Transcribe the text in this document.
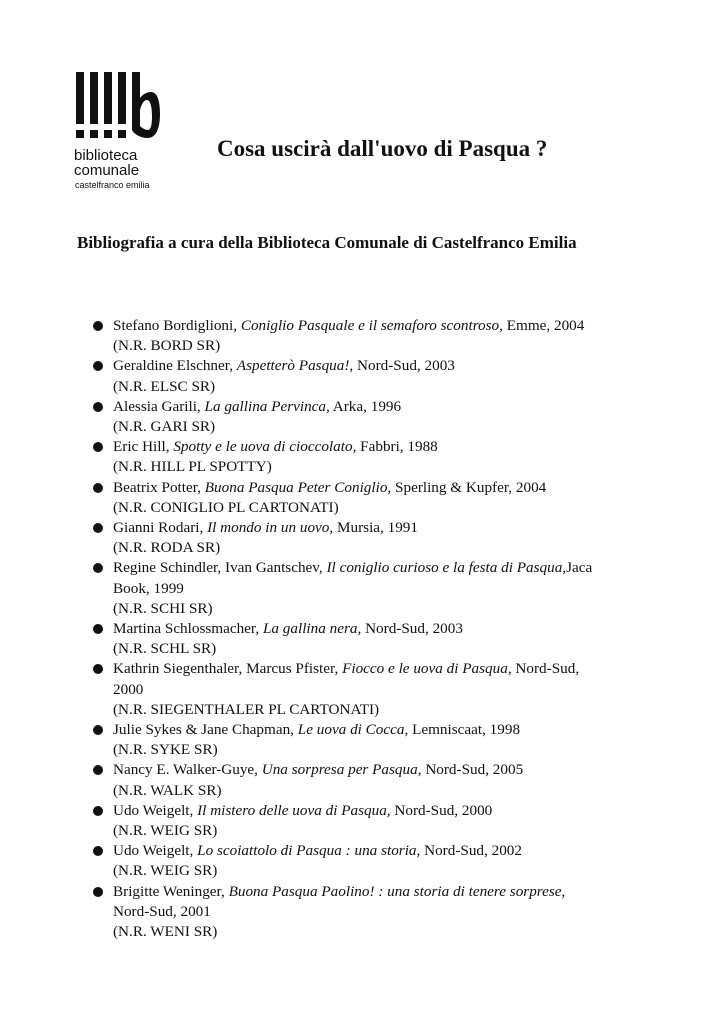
biblioteca
comunale
castelfranco emilia
Cosa uscirà dall'uovo di Pasqua ?
Bibliografia a cura della Biblioteca Comunale di Castelfranco Emilia
Stefano Bordiglioni, Coniglio Pasquale e il semaforo scontroso, Emme, 2004
(N.R. BORD SR)
Geraldine Elschner, Aspetterò Pasqua!, Nord-Sud, 2003
(N.R. ELSC SR)
Alessia Garili, La gallina Pervinca, Arka, 1996
(N.R. GARI SR)
Eric Hill, Spotty e le uova di cioccolato, Fabbri, 1988
(N.R. HILL PL SPOTTY)
Beatrix Potter, Buona Pasqua Peter Coniglio, Sperling & Kupfer, 2004
(N.R. CONIGLIO PL CARTONATI)
Gianni Rodari, Il mondo in un uovo, Mursia, 1991
(N.R. RODA SR)
Regine Schindler, Ivan Gantschev, Il coniglio curioso e la festa di Pasqua,Jaca
Book, 1999
(N.R. SCHI SR)
Martina Schlossmacher, La gallina nera, Nord-Sud, 2003
(N.R. SCHL SR)
Kathrin Siegenthaler, Marcus Pfister, Fiocco e le uova di Pasqua, Nord-Sud,
2000
(N.R. SIEGENTHALER PL CARTONATI)
Julie Sykes & Jane Chapman, Le uova di Cocca, Lemniscaat, 1998
(N.R. SYKE SR)
Nancy E. Walker-Guye, Una sorpresa per Pasqua, Nord-Sud, 2005
(N.R. WALK SR)
Udo Weigelt, Il mistero delle uova di Pasqua, Nord-Sud, 2000
(N.R. WEIG SR)
Udo Weigelt, Lo scoiattolo di Pasqua : una storia, Nord-Sud, 2002
(N.R. WEIG SR)
Brigitte Weninger, Buona Pasqua Paolino! : una storia di tenere sorprese,
Nord-Sud, 2001
(N.R. WENI SR)
